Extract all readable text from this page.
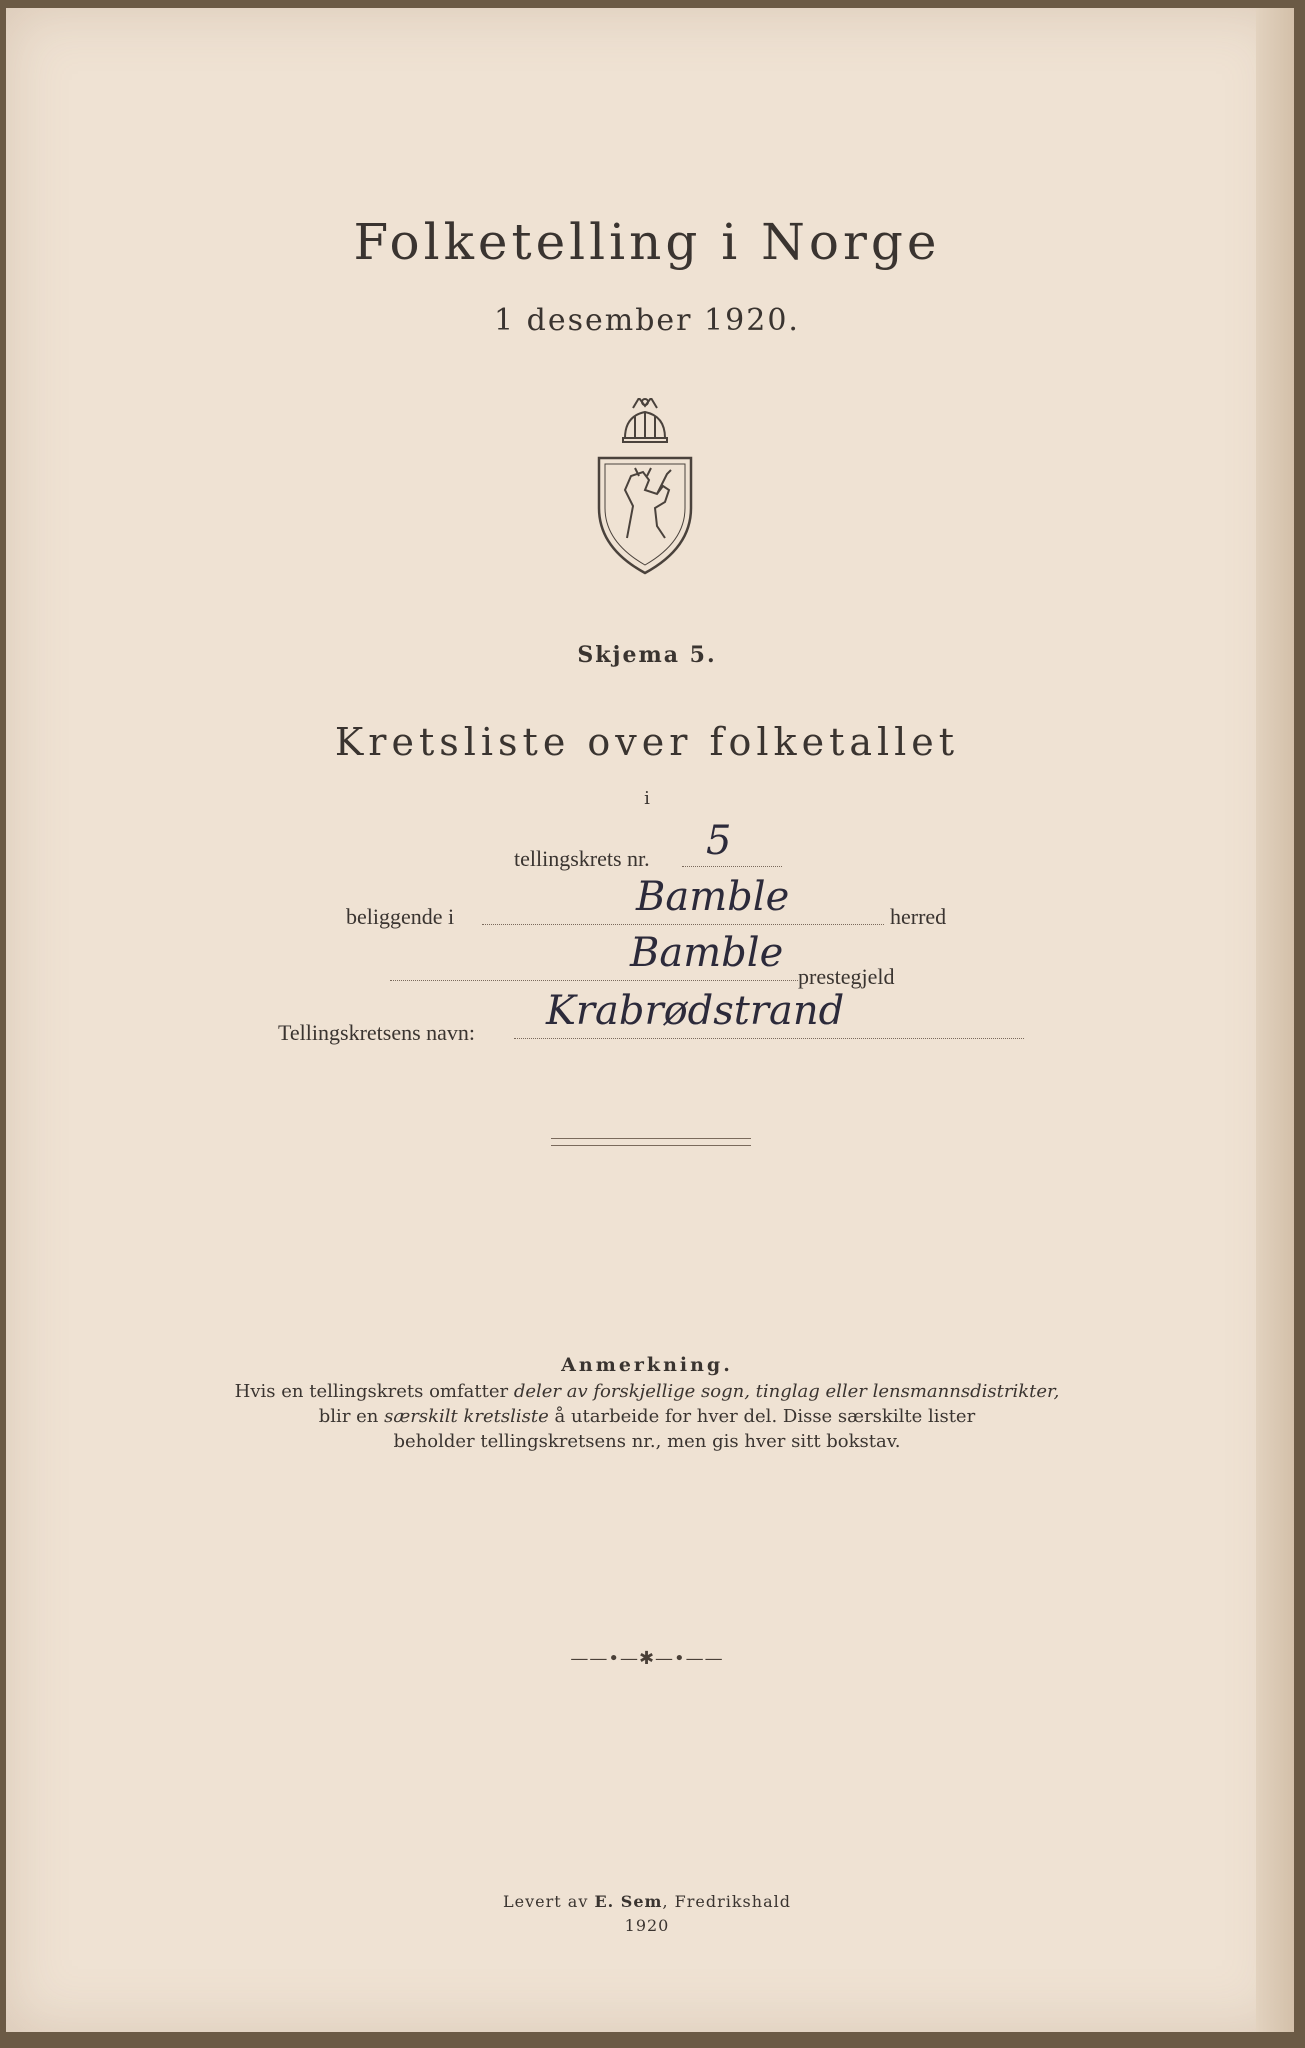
Folketelling i Norge
1 desember 1920.
Skjema 5.
Kretsliste over folketallet
i
tellingskrets nr. 5
beliggende i	Bamble	herred
Bamble
prestegjeld
Tellingskretsens navn: Krabrødstrand
Anmerkning.
Hvis en tellingskrets omfatter deler av forskjellige sogn, tinglag eller lensmannsdistrikter,
blir en særskilt kretsliste å utarbeide for hver del. Disse særskilte lister
beholder tellingskretsens nr., men gis hver sitt bokstav.
——•—✱—•——
Levert av E. Sem, Fredrikshald
1920
